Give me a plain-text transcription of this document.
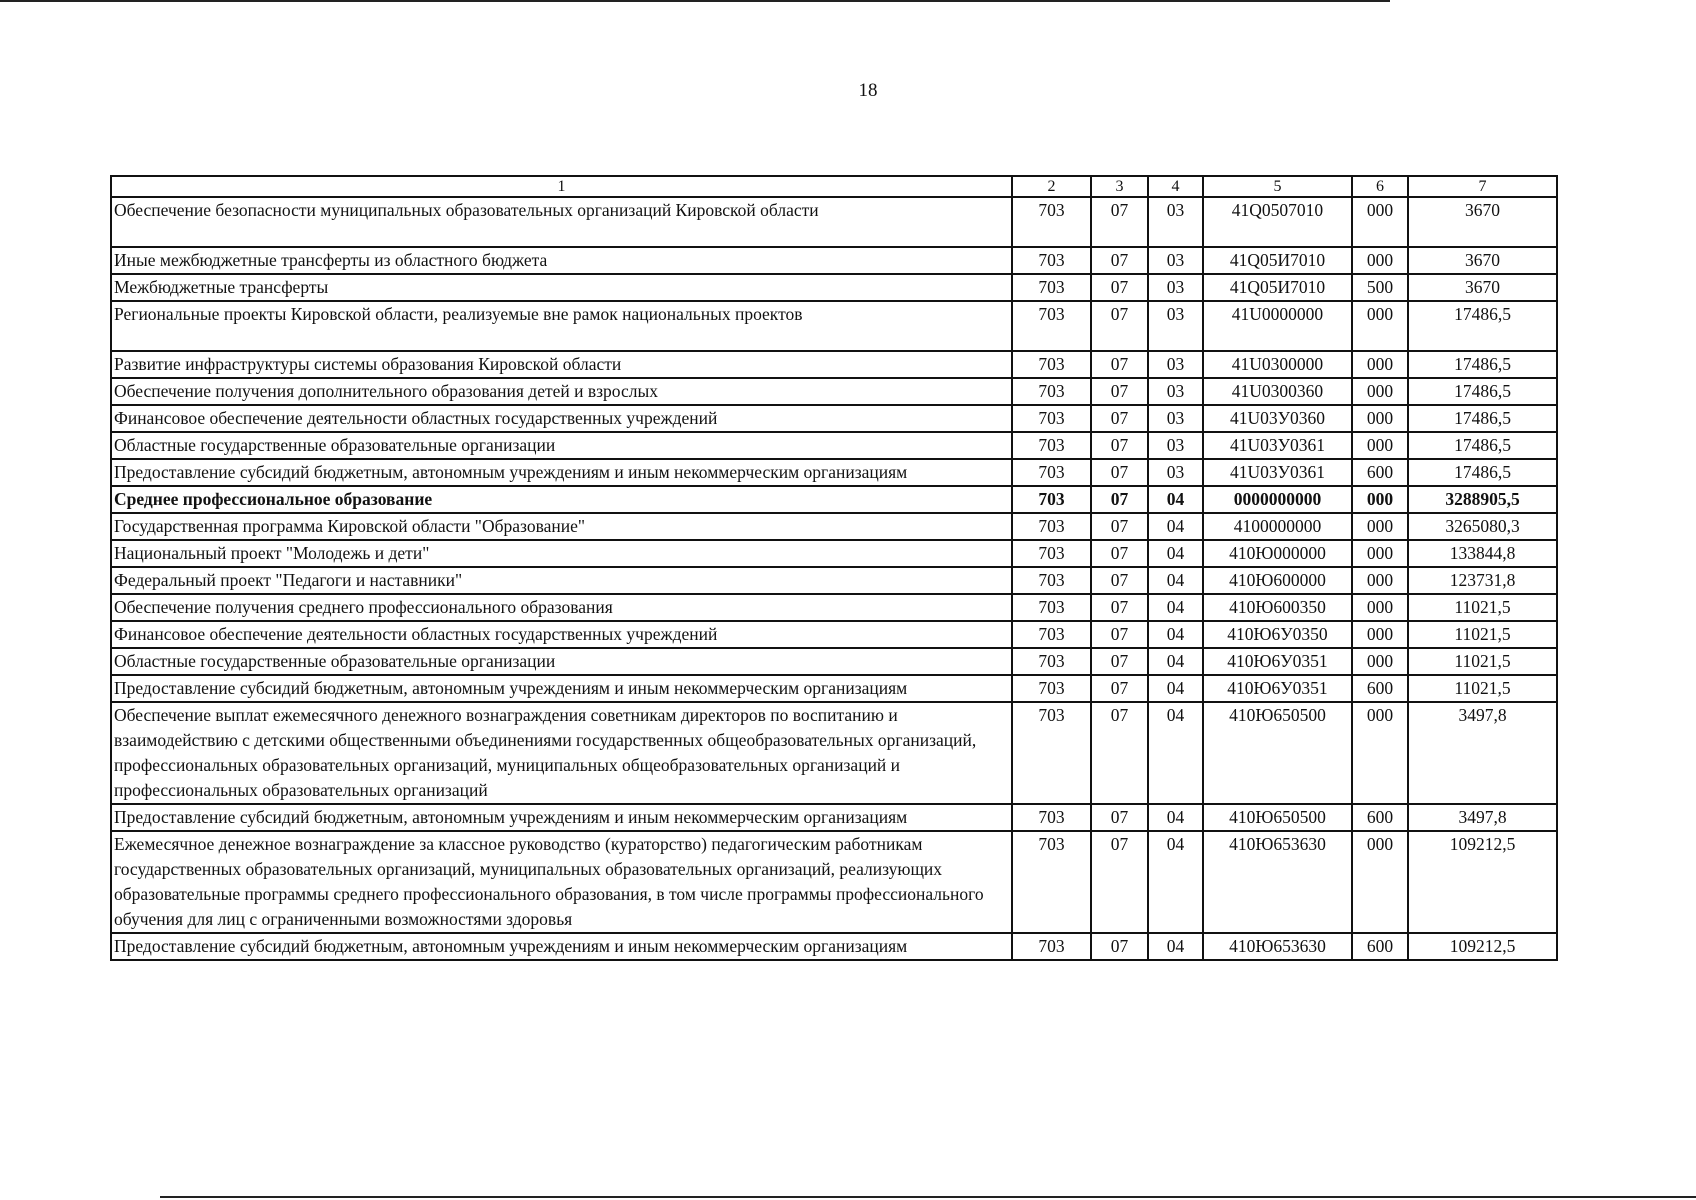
18
1	2	3	4	5	6	7
Обеспечение безопасности муниципальных образовательных организаций Кировской области	703	07	03	41Q0507010	000	3670
Иные межбюджетные трансферты из областного бюджета	703	07	03	41Q05И7010	000	3670
Межбюджетные трансферты	703	07	03	41Q05И7010	500	3670
Региональные проекты Кировской области, реализуемые вне рамок национальных проектов	703	07	03	41U0000000	000	17486,5
Развитие инфраструктуры системы образования Кировской области	703	07	03	41U0300000	000	17486,5
Обеспечение получения дополнительного образования детей и взрослых	703	07	03	41U0300360	000	17486,5
Финансовое обеспечение деятельности областных государственных учреждений	703	07	03	41U03У0360	000	17486,5
Областные государственные образовательные организации	703	07	03	41U03У0361	000	17486,5
Предоставление субсидий бюджетным, автономным учреждениям и иным некоммерческим организациям	703	07	03	41U03У0361	600	17486,5
Среднее профессиональное образование	703	07	04	0000000000	000	3288905,5
Государственная программа Кировской области "Образование"	703	07	04	4100000000	000	3265080,3
Национальный проект "Молодежь и дети"	703	07	04	410Ю000000	000	133844,8
Федеральный проект "Педагоги и наставники"	703	07	04	410Ю600000	000	123731,8
Обеспечение получения среднего профессионального образования	703	07	04	410Ю600350	000	11021,5
Финансовое обеспечение деятельности областных государственных учреждений	703	07	04	410Ю6У0350	000	11021,5
Областные государственные образовательные организации	703	07	04	410Ю6У0351	000	11021,5
Предоставление субсидий бюджетным, автономным учреждениям и иным некоммерческим организациям	703	07	04	410Ю6У0351	600	11021,5
Обеспечение выплат ежемесячного денежного вознаграждения советникам директоров по воспитанию и взаимодействию с детскими общественными объединениями государственных общеобразовательных организаций, профессиональных образовательных организаций, муниципальных общеобразовательных организаций и профессиональных образовательных организаций	703	07	04	410Ю650500	000	3497,8
Предоставление субсидий бюджетным, автономным учреждениям и иным некоммерческим организациям	703	07	04	410Ю650500	600	3497,8
Ежемесячное денежное вознаграждение за классное руководство (кураторство) педагогическим работникам государственных образовательных организаций, муниципальных образовательных организаций, реализующих образовательные программы среднего профессионального образования, в том числе программы профессионального обучения для лиц с ограниченными возможностями здоровья	703	07	04	410Ю653630	000	109212,5
Предоставление субсидий бюджетным, автономным учреждениям и иным некоммерческим организациям	703	07	04	410Ю653630	600	109212,5
